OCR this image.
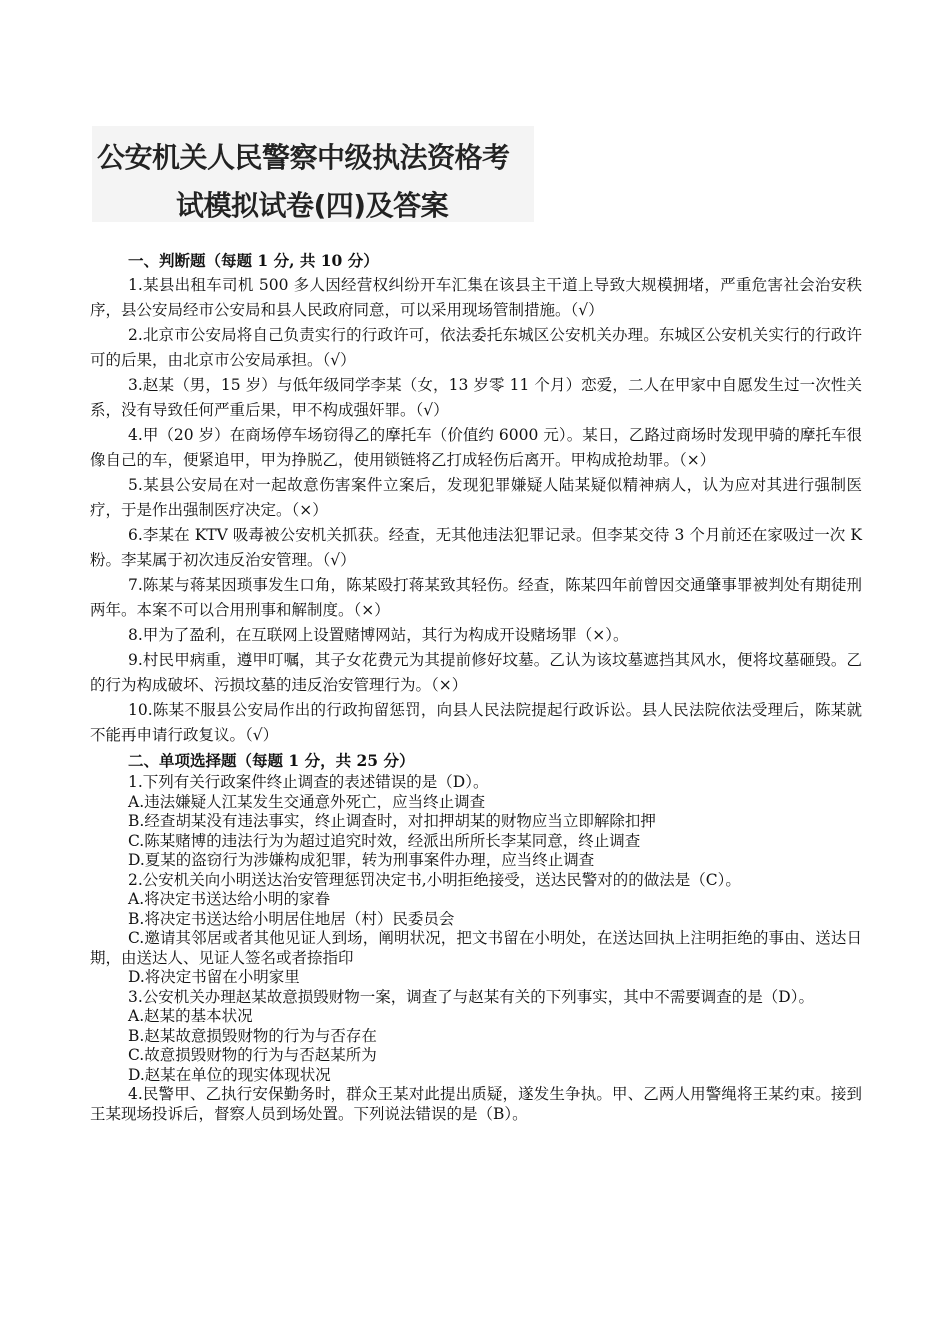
公安机关人民警察中级执法资格考
试模拟试卷(四)及答案
一、判断题（每题 1 分, 共 10 分）

1.某县出租车司机 500 多人因经营权纠纷开车汇集在该县主干道上导致大规模拥堵，严重危害社会治安秩序，县公安局经市公安局和县人民政府同意，可以采用现场管制措施。（√）

2.北京市公安局将自己负责实行的行政许可，依法委托东城区公安机关办理。东城区公安机关实行的行政许可的后果，由北京市公安局承担。（√）

3.赵某（男，15 岁）与低年级同学李某（女，13 岁零 11 个月）恋爱，二人在甲家中自愿发生过一次性关系，没有导致任何严重后果，甲不构成强奸罪。（√）

4.甲（20 岁）在商场停车场窃得乙的摩托车（价值约 6000 元）。某日，乙路过商场时发现甲骑的摩托车很像自己的车，便紧追甲，甲为挣脱乙，使用锁链将乙打成轻伤后离开。甲构成抢劫罪。（×）

5.某县公安局在对一起故意伤害案件立案后，发现犯罪嫌疑人陆某疑似精神病人，认为应对其进行强制医疗，于是作出强制医疗决定。（×）

6.李某在 KTV 吸毒被公安机关抓获。经查，无其他违法犯罪记录。但李某交待 3 个月前还在家吸过一次 K 粉。李某属于初次违反治安管理。（√）

7.陈某与蒋某因琐事发生口角，陈某殴打蒋某致其轻伤。经查，陈某四年前曾因交通肇事罪被判处有期徒刑两年。本案不可以合用刑事和解制度。（×）

8.甲为了盈利，在互联网上设置赌博网站，其行为构成开设赌场罪（×）。

9.村民甲病重，遵甲叮嘱，其子女花费元为其提前修好坟墓。乙认为该坟墓遮挡其风水，便将坟墓砸毁。乙的行为构成破坏、污损坟墓的违反治安管理行为。（×）

10.陈某不服县公安局作出的行政拘留惩罚，向县人民法院提起行政诉讼。县人民法院依法受理后，陈某就不能再申请行政复议。（√）

二、单项选择题（每题 1 分，共 25 分）

1.下列有关行政案件终止调查的表述错误的是（D）。

A.违法嫌疑人江某发生交通意外死亡，应当终止调查
B.经查胡某没有违法事实，终止调查时，对扣押胡某的财物应当立即解除扣押
C.陈某赌博的违法行为为超过追究时效，经派出所所长李某同意，终止调查
D.夏某的盗窃行为涉嫌构成犯罪，转为刑事案件办理，应当终止调查

2.公安机关向小明送达治安管理惩罚决定书,小明拒绝接受，送达民警对的的做法是（C）。

A.将决定书送达给小明的家眷
B.将决定书送达给小明居住地居（村）民委员会

C.邀请其邻居或者其他见证人到场，阐明状况，把文书留在小明处，在送达回执上注明拒绝的事由、送达日期，由送达人、见证人签名或者捺指印

D.将决定书留在小明家里

3.公安机关办理赵某故意损毁财物一案，调查了与赵某有关的下列事实，其中不需要调查的是（D）。

A.赵某的基本状况
B.赵某故意损毁财物的行为与否存在
C.故意损毁财物的行为与否赵某所为
D.赵某在单位的现实体现状况

4.民警甲、乙执行安保勤务时，群众王某对此提出质疑，遂发生争执。甲、乙两人用警绳将王某约束。接到王某现场投诉后，督察人员到场处置。下列说法错误的是（B）。
